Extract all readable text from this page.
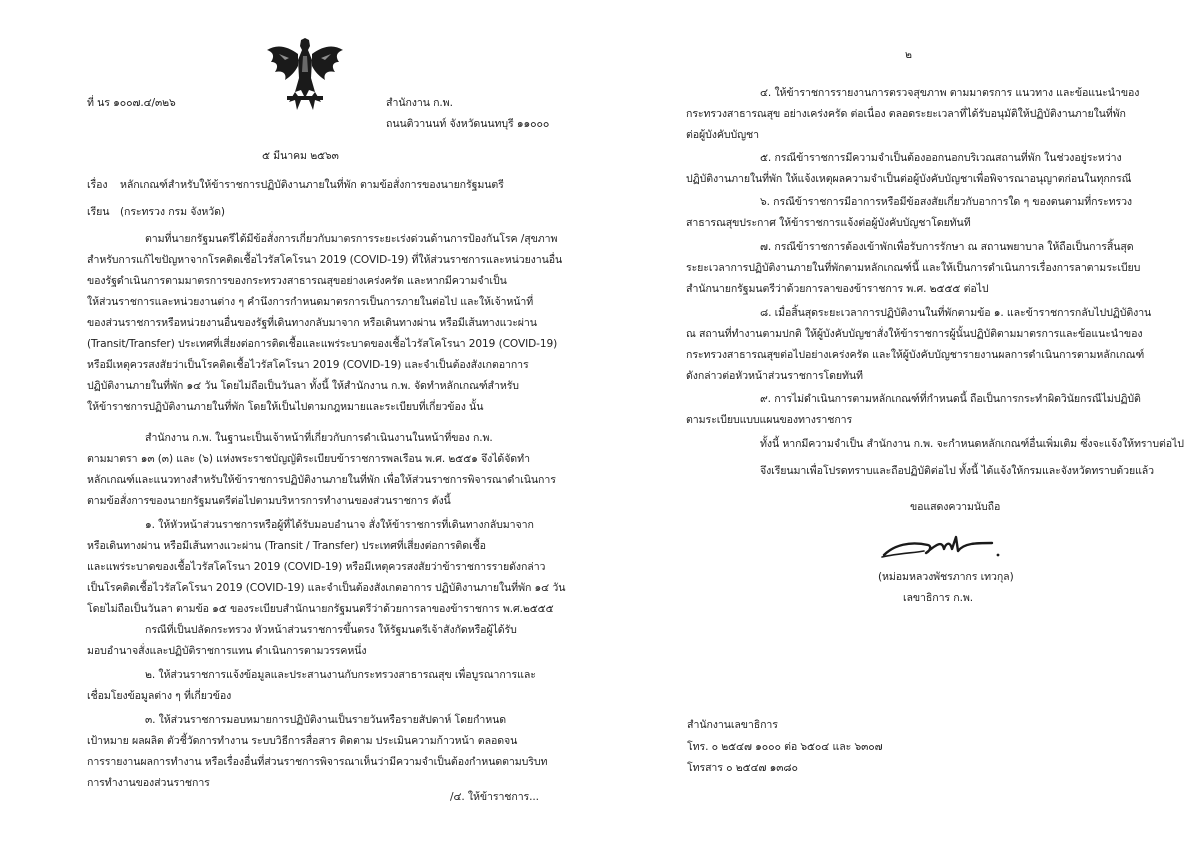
ที่ นร ๑๐๐๗.๔/๓๒๖	สำนักงาน ก.พ.
ถนนติวานนท์ จังหวัดนนทบุรี ๑๑๐๐๐
๕ มีนาคม ๒๕๖๓
เรื่อง หลักเกณฑ์สำหรับให้ข้าราชการปฏิบัติงานภายในที่พัก ตามข้อสั่งการของนายกรัฐมนตรี
เรียน (กระทรวง กรม จังหวัด)
ตามที่นายกรัฐมนตรีได้มีข้อสั่งการเกี่ยวกับมาตรการระยะเร่งด่วนด้านการป้องกันโรค /สุขภาพ
สำหรับการแก้ไขปัญหาจากโรคติดเชื้อไวรัสโคโรนา 2019 (COVID-19) ที่ให้ส่วนราชการและหน่วยงานอื่น
ของรัฐดำเนินการตามมาตรการของกระทรวงสาธารณสุขอย่างเคร่งครัด และหากมีความจำเป็น
ให้ส่วนราชการและหน่วยงานต่าง ๆ คำนึงการกำหนดมาตรการเป็นการภายในต่อไป และให้เจ้าหน้าที่
ของส่วนราชการหรือหน่วยงานอื่นของรัฐที่เดินทางกลับมาจาก หรือเดินทางผ่าน หรือมีเส้นทางแวะผ่าน
(Transit/Transfer) ประเทศที่เสี่ยงต่อการติดเชื้อและแพร่ระบาดของเชื้อไวรัสโคโรนา 2019 (COVID-19)
หรือมีเหตุควรสงสัยว่าเป็นโรคติดเชื้อไวรัสโคโรนา 2019 (COVID-19) และจำเป็นต้องสังเกตอาการ
ปฏิบัติงานภายในที่พัก ๑๔ วัน โดยไม่ถือเป็นวันลา ทั้งนี้ ให้สำนักงาน ก.พ. จัดทำหลักเกณฑ์สำหรับ
ให้ข้าราชการปฏิบัติงานภายในที่พัก โดยให้เป็นไปตามกฎหมายและระเบียบที่เกี่ยวข้อง นั้น
สำนักงาน ก.พ. ในฐานะเป็นเจ้าหน้าที่เกี่ยวกับการดำเนินงานในหน้าที่ของ ก.พ.
ตามมาตรา ๑๓ (๓) และ (๖) แห่งพระราชบัญญัติระเบียบข้าราชการพลเรือน พ.ศ. ๒๕๕๑ จึงได้จัดทำ
หลักเกณฑ์และแนวทางสำหรับให้ข้าราชการปฏิบัติงานภายในที่พัก เพื่อให้ส่วนราชการพิจารณาดำเนินการ
ตามข้อสั่งการของนายกรัฐมนตรีต่อไปตามบริหารการทำงานของส่วนราชการ ดังนี้
๑. ให้หัวหน้าส่วนราชการหรือผู้ที่ได้รับมอบอำนาจ สั่งให้ข้าราชการที่เดินทางกลับมาจาก
หรือเดินทางผ่าน หรือมีเส้นทางแวะผ่าน (Transit / Transfer) ประเทศที่เสี่ยงต่อการติดเชื้อ
และแพร่ระบาดของเชื้อไวรัสโคโรนา 2019 (COVID-19) หรือมีเหตุควรสงสัยว่าข้าราชการรายดังกล่าว
เป็นโรคติดเชื้อไวรัสโคโรนา 2019 (COVID-19) และจำเป็นต้องสังเกตอาการ ปฏิบัติงานภายในที่พัก ๑๔ วัน
โดยไม่ถือเป็นวันลา ตามข้อ ๑๕ ของระเบียบสำนักนายกรัฐมนตรีว่าด้วยการลาของข้าราชการ พ.ศ.๒๕๕๕
กรณีที่เป็นปลัดกระทรวง หัวหน้าส่วนราชการขึ้นตรง ให้รัฐมนตรีเจ้าสังกัดหรือผู้ได้รับ
มอบอำนาจสั่งและปฏิบัติราชการแทน ดำเนินการตามวรรคหนึ่ง
๒. ให้ส่วนราชการแจ้งข้อมูลและประสานงานกับกระทรวงสาธารณสุข เพื่อบูรณาการและ
เชื่อมโยงข้อมูลต่าง ๆ ที่เกี่ยวข้อง
๓. ให้ส่วนราชการมอบหมายการปฏิบัติงานเป็นรายวันหรือรายสัปดาห์ โดยกำหนด
เป้าหมาย ผลผลิต ตัวชี้วัดการทำงาน ระบบวิธีการสื่อสาร ติดตาม ประเมินความก้าวหน้า ตลอดจน
การรายงานผลการทำงาน หรือเรื่องอื่นที่ส่วนราชการพิจารณาเห็นว่ามีความจำเป็นต้องกำหนดตามบริบท
การทำงานของส่วนราชการ
/๔. ให้ข้าราชการ...
๒
๔. ให้ข้าราชการรายงานการตรวจสุขภาพ ตามมาตรการ แนวทาง และข้อแนะนำของ
กระทรวงสาธารณสุข อย่างเคร่งครัด ต่อเนื่อง ตลอดระยะเวลาที่ได้รับอนุมัติให้ปฏิบัติงานภายในที่พัก
ต่อผู้บังคับบัญชา
๕. กรณีข้าราชการมีความจำเป็นต้องออกนอกบริเวณสถานที่พัก ในช่วงอยู่ระหว่าง
ปฏิบัติงานภายในที่พัก ให้แจ้งเหตุผลความจำเป็นต่อผู้บังคับบัญชาเพื่อพิจารณาอนุญาตก่อนในทุกกรณี
๖. กรณีข้าราชการมีอาการหรือมีข้อสงสัยเกี่ยวกับอาการใด ๆ ของตนตามที่กระทรวง
สาธารณสุขประกาศ ให้ข้าราชการแจ้งต่อผู้บังคับบัญชาโดยทันที
๗. กรณีข้าราชการต้องเข้าพักเพื่อรับการรักษา ณ สถานพยาบาล ให้ถือเป็นการสิ้นสุด
ระยะเวลาการปฏิบัติงานภายในที่พักตามหลักเกณฑ์นี้ และให้เป็นการดำเนินการเรื่องการลาตามระเบียบ
สำนักนายกรัฐมนตรีว่าด้วยการลาของข้าราชการ พ.ศ. ๒๕๕๕ ต่อไป
๘. เมื่อสิ้นสุดระยะเวลาการปฏิบัติงานในที่พักตามข้อ ๑. และข้าราชการกลับไปปฏิบัติงาน
ณ สถานที่ทำงานตามปกติ ให้ผู้บังคับบัญชาสั่งให้ข้าราชการผู้นั้นปฏิบัติตามมาตรการและข้อแนะนำของ
กระทรวงสาธารณสุขต่อไปอย่างเคร่งครัด และให้ผู้บังคับบัญชารายงานผลการดำเนินการตามหลักเกณฑ์
ดังกล่าวต่อหัวหน้าส่วนราชการโดยทันที
๙. การไม่ดำเนินการตามหลักเกณฑ์ที่กำหนดนี้ ถือเป็นการกระทำผิดวินัยกรณีไม่ปฏิบัติ
ตามระเบียบแบบแผนของทางราชการ
ทั้งนี้ หากมีความจำเป็น สำนักงาน ก.พ. จะกำหนดหลักเกณฑ์อื่นเพิ่มเติม ซึ่งจะแจ้งให้ทราบต่อไป
จึงเรียนมาเพื่อโปรดทราบและถือปฏิบัติต่อไป ทั้งนี้ ได้แจ้งให้กรมและจังหวัดทราบด้วยแล้ว
ขอแสดงความนับถือ
(หม่อมหลวงพัชรภากร เทวกุล)
เลขาธิการ ก.พ.
สำนักงานเลขาธิการ
โทร. ๐ ๒๕๔๗ ๑๐๐๐ ต่อ ๖๕๐๔ และ ๖๓๐๗
โทรสาร ๐ ๒๕๔๗ ๑๓๘๐
